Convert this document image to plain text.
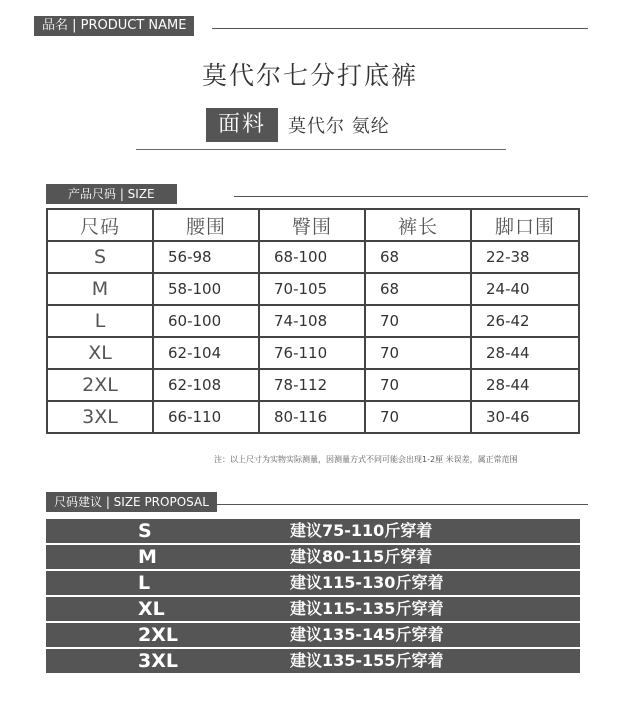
品名 | PRODUCT NAME
莫代尔七分打底裤
面料	莫代尔 氨纶
产品尺码 | SIZE
尺码	腰围	臀围	裤长	脚口围
S	56-98	68-100	68	22-38
M	58-100	70-105	68	24-40
L	60-100	74-108	70	26-42
XL	62-104	76-110	70	28-44
2XL	62-108	78-112	70	28-44
3XL	66-110	80-116	70	30-46
注：以上尺寸为实物实际测量，因测量方式不同可能会出现1-2厘 米误差，属正常范围
尺码建议 | SIZE PROPOSAL
S	建议75-110斤穿着
M	建议80-115斤穿着
L	建议115-130斤穿着
XL	建议115-135斤穿着
2XL	建议135-145斤穿着
3XL	建议135-155斤穿着
